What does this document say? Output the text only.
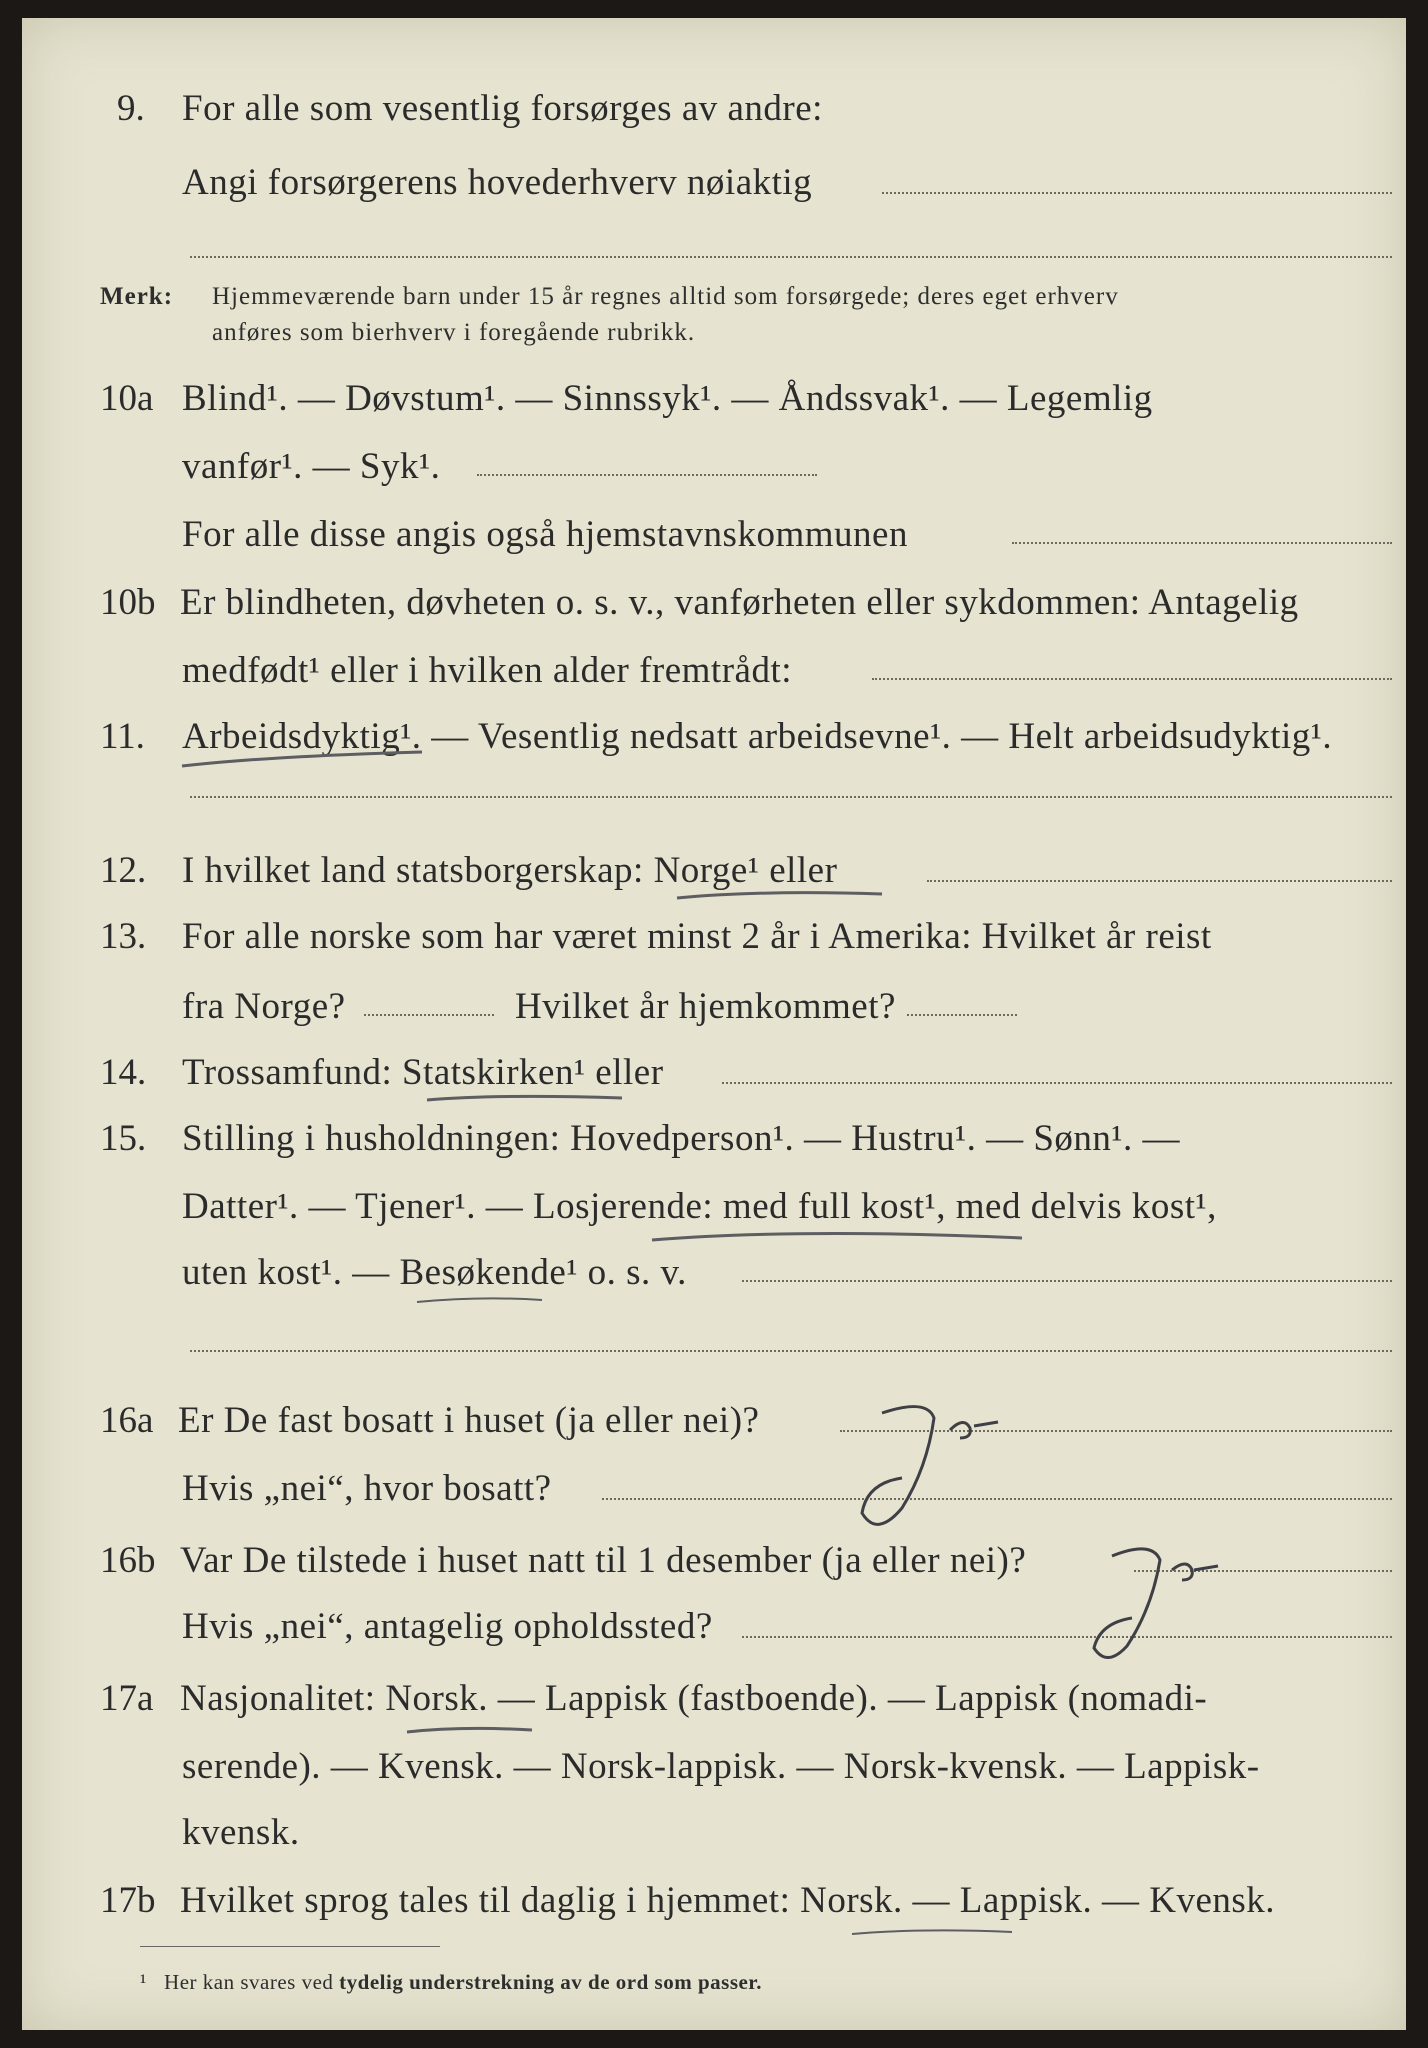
9. For alle som vesentlig forsørges av andre:
Angi forsørgerens hovederhverv nøiaktig
Merk: Hjemmeværende barn under 15 år regnes alltid som forsørgede; deres eget erhverv
anføres som bierhverv i foregående rubrikk.
10a Blind¹. — Døvstum¹. — Sinnssyk¹. — Åndssvak¹. — Legemlig
vanfør¹. — Syk¹.
For alle disse angis også hjemstavnskommunen
10b Er blindheten, døvheten o. s. v., vanførheten eller sykdommen: Antagelig
medfødt¹ eller i hvilken alder fremtrådt:
11. Arbeidsdyktig¹. — Vesentlig nedsatt arbeidsevne¹. — Helt arbeidsudyktig¹.
12. I hvilket land statsborgerskap: Norge¹ eller
13. For alle norske som har været minst 2 år i Amerika: Hvilket år reist
fra Norge?	Hvilket år hjemkommet?
14. Trossamfund: Statskirken¹ eller
15. Stilling i husholdningen: Hovedperson¹. — Hustru¹. — Sønn¹. —
Datter¹. — Tjener¹. — Losjerende: med full kost¹, med delvis kost¹,
uten kost¹. — Besøkende¹ o. s. v.
16a Er De fast bosatt i huset (ja eller nei)?
Hvis „nei“, hvor bosatt?
16b Var De tilstede i huset natt til 1 desember (ja eller nei)?
Hvis „nei“, antagelig opholdssted?
17a Nasjonalitet: Norsk. — Lappisk (fastboende). — Lappisk (nomadi-
serende). — Kvensk. — Norsk-lappisk. — Norsk-kvensk. — Lappisk-
kvensk.
17b Hvilket sprog tales til daglig i hjemmet: Norsk. — Lappisk. — Kvensk.
¹ Her kan svares ved tydelig understrekning av de ord som passer.
